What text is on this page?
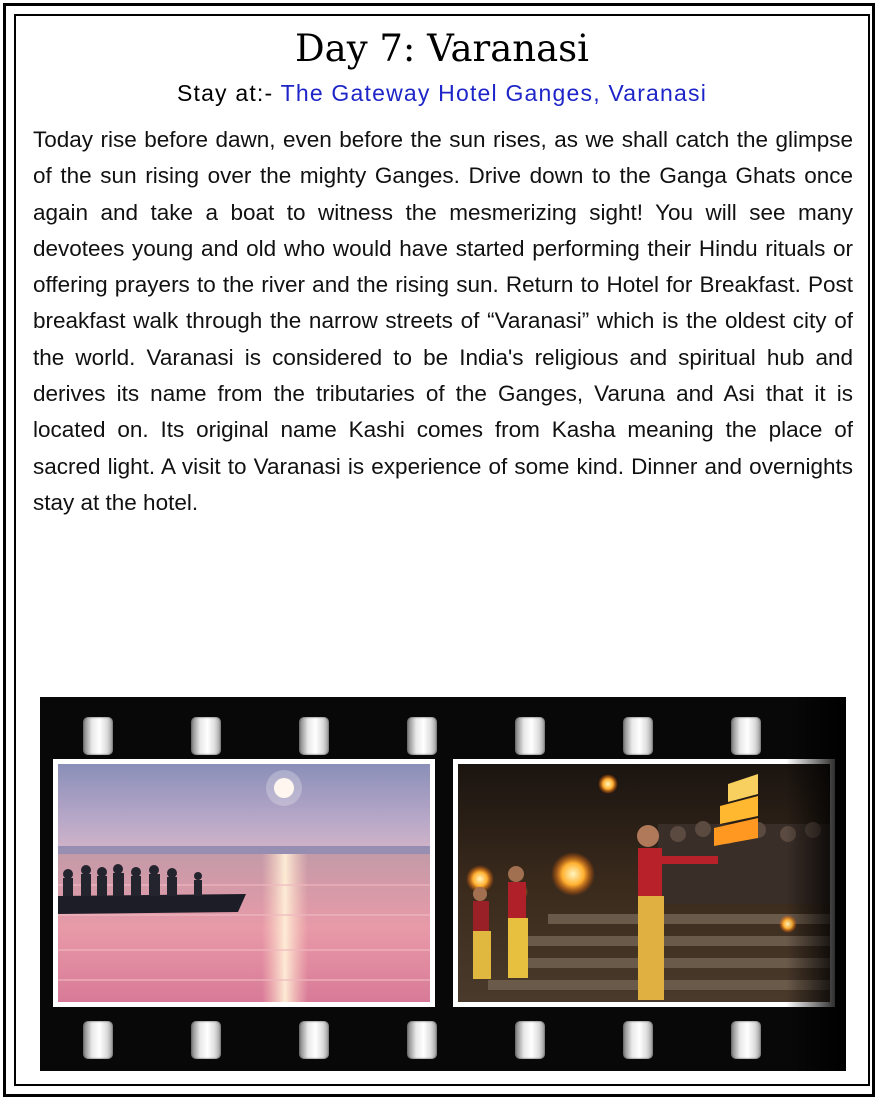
Day 7: Varanasi
Stay at:- The Gateway Hotel Ganges, Varanasi

Today rise before dawn, even before the sun rises, as we shall catch the glimpse of the sun rising over the mighty Ganges. Drive down to the Ganga Ghats once again and take a boat to witness the mesmerizing sight! You will see many devotees young and old who would have started performing their Hindu rituals or offering prayers to the river and the rising sun. Return to Hotel for Breakfast. Post breakfast walk through the narrow streets of “Varanasi” which is the oldest city of the world. Varanasi is considered to be India's religious and spiritual hub and derives its name from the tributaries of the Ganges, Varuna and Asi that it is located on. Its original name Kashi comes from Kasha meaning the place of sacred light. A visit to Varanasi is experience of some kind. Dinner and overnights stay at the hotel.
